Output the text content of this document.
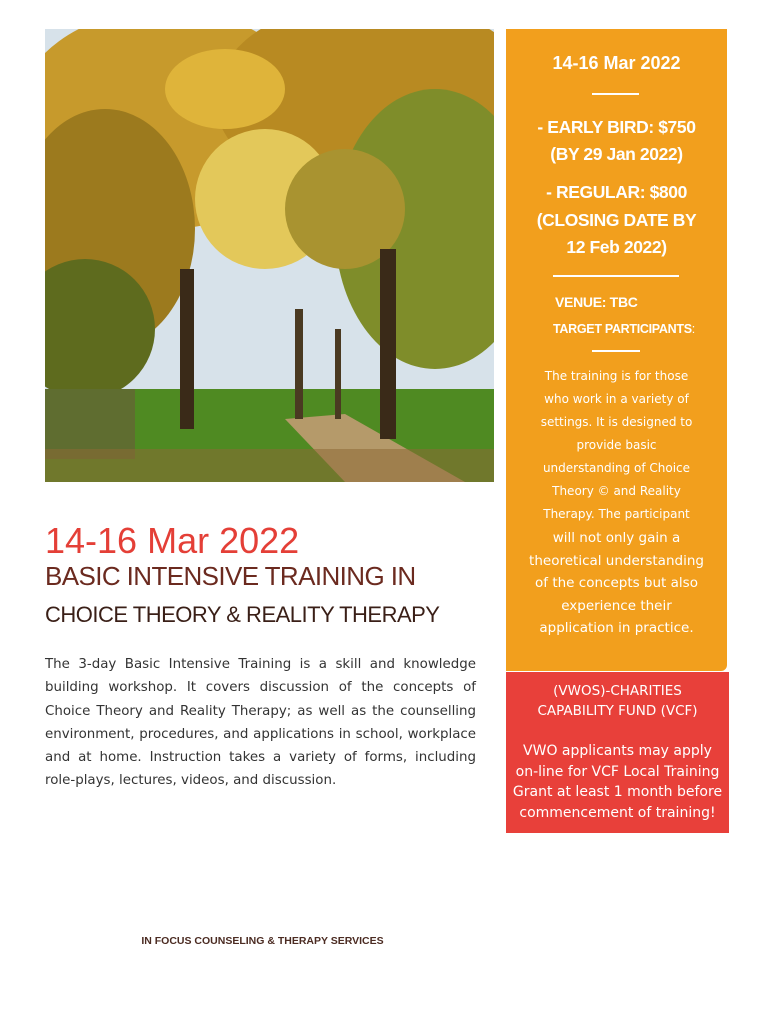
14-16 Mar 2022
- EARLY BIRD: $750
(BY 29 Jan 2022)
- REGULAR: $800
(CLOSING DATE BY
12 Feb 2022)
VENUE: TBC
TARGET PARTICIPANTS:
The training is for those
who work in a variety of
settings. It is designed to
provide basic
understanding of Choice
Theory © and Reality
Therapy. The participant
will not only gain a
theoretical understanding
of the concepts but also
experience their
application in practice.
(VWOS)-CHARITIES
CAPABILITY FUND (VCF)
VWO applicants may apply
on-line for VCF Local Training
Grant at least 1 month before
commencement of training!
14-16 Mar 2022
BASIC INTENSIVE TRAINING IN
CHOICE THEORY & REALITY THERAPY
The 3-day Basic Intensive Training is a skill and knowledge building workshop. It covers discussion of the concepts of Choice Theory and Reality Therapy; as well as the counselling environment, procedures, and applications in school, workplace and at home. Instruction takes a variety of forms, including role-plays, lectures, videos, and discussion.
IN FOCUS COUNSELING & THERAPY SERVICES
